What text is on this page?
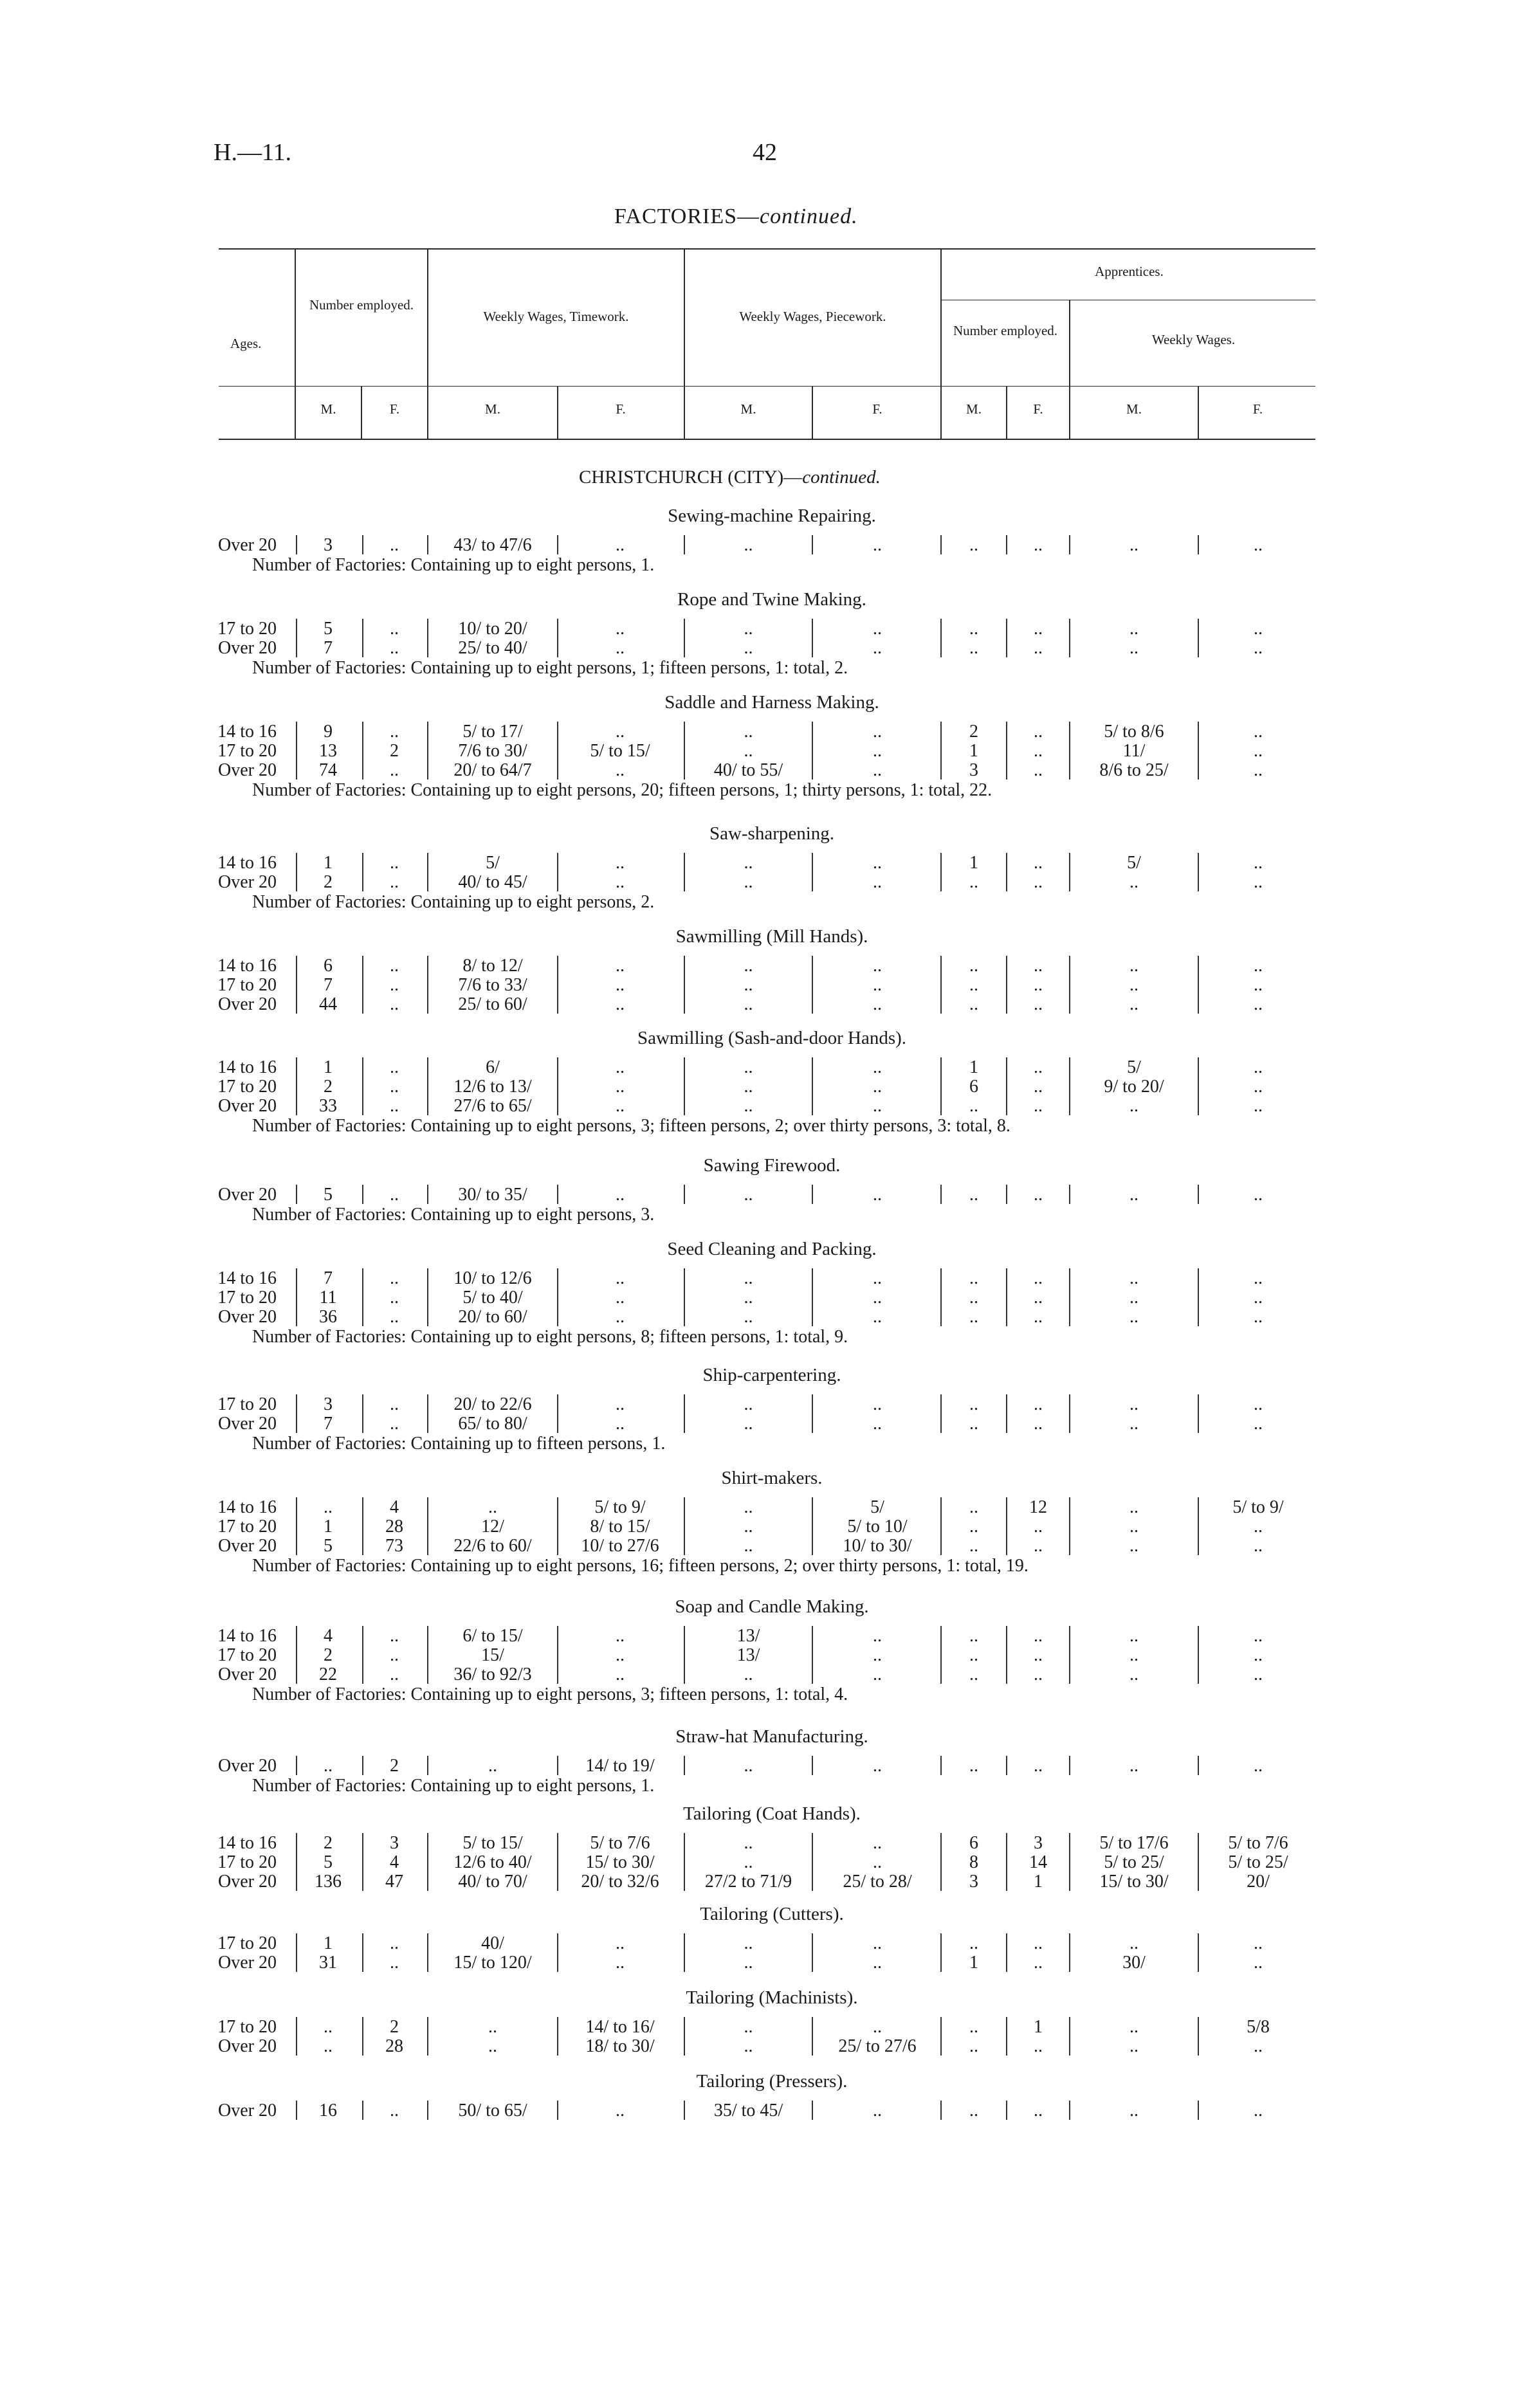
H.—11.	42
FACTORIES—continued.
Ages.
Number employed.
Weekly Wages, Timework.	Weekly Wages, Piecework.
Apprentices.
Number employed.
Weekly Wages.
M.	F.	M.	F.	M.	F.	M.	F.	M.	F.
CHRISTCHURCH (CITY)—continued.
Sewing-machine Repairing.
Over 20	3	..	43/ to 47/6	..	..	..	..	..	..	..
Number of Factories: Containing up to eight persons, 1.
Rope and Twine Making.
17 to 20	5	..	10/ to 20/	..	..	..	..	..	..	..
Over 20	7	..	25/ to 40/	..	..	..	..	..	..	..
Number of Factories: Containing up to eight persons, 1; fifteen persons, 1: total, 2.
Saddle and Harness Making.
14 to 16	9	..	5/ to 17/	..	..	..	2	..	5/ to 8/6	..
17 to 20	13	2	7/6 to 30/	5/ to 15/	..	..	1	..	11/	..
Over 20	74	..	20/ to 64/7	..	40/ to 55/	..	3	..	8/6 to 25/	..
Number of Factories: Containing up to eight persons, 20; fifteen persons, 1; thirty persons, 1: total, 22.
Saw-sharpening.
14 to 16	1	..	5/	..	..	..	1	..	5/	..
Over 20	2	..	40/ to 45/	..	..	..	..	..	..	..
Number of Factories: Containing up to eight persons, 2.
Sawmilling (Mill Hands).
14 to 16	6	..	8/ to 12/	..	..	..	..	..	..	..
17 to 20	7	..	7/6 to 33/	..	..	..	..	..	..	..
Over 20	44	..	25/ to 60/	..	..	..	..	..	..	..
Sawmilling (Sash-and-door Hands).
14 to 16	1	..	6/	..	..	..	1	..	5/	..
17 to 20	2	..	12/6 to 13/	..	..	..	6	..	9/ to 20/	..
Over 20	33	..	27/6 to 65/	..	..	..	..	..	..	..
Number of Factories: Containing up to eight persons, 3; fifteen persons, 2; over thirty persons, 3: total, 8.
Sawing Firewood.
Over 20	5	..	30/ to 35/	..	..	..	..	..	..	..
Number of Factories: Containing up to eight persons, 3.
Seed Cleaning and Packing.
14 to 16	7	..	10/ to 12/6	..	..	..	..	..	..	..
17 to 20	11	..	5/ to 40/	..	..	..	..	..	..	..
Over 20	36	..	20/ to 60/	..	..	..	..	..	..	..
Number of Factories: Containing up to eight persons, 8; fifteen persons, 1: total, 9.
Ship-carpentering.
17 to 20	3	..	20/ to 22/6	..	..	..	..	..	..	..
Over 20	7	..	65/ to 80/	..	..	..	..	..	..	..
Number of Factories: Containing up to fifteen persons, 1.
Shirt-makers.
14 to 16	..	4	..	5/ to 9/	..	5/	..	12	..	5/ to 9/
17 to 20	1	28	12/	8/ to 15/	..	5/ to 10/	..	..	..	..
Over 20	5	73	22/6 to 60/	10/ to 27/6	..	10/ to 30/	..	..	..	..
Number of Factories: Containing up to eight persons, 16; fifteen persons, 2; over thirty persons, 1: total, 19.
Soap and Candle Making.
14 to 16	4	..	6/ to 15/	..	13/	..	..	..	..	..
17 to 20	2	..	15/	..	13/	..	..	..	..	..
Over 20	22	..	36/ to 92/3	..	..	..	..	..	..	..
Number of Factories: Containing up to eight persons, 3; fifteen persons, 1: total, 4.
Straw-hat Manufacturing.
Over 20	..	2	..	14/ to 19/	..	..	..	..	..	..
Number of Factories: Containing up to eight persons, 1.
Tailoring (Coat Hands).
14 to 16	2	3	5/ to 15/	5/ to 7/6	..	..	6	3	5/ to 17/6	5/ to 7/6
17 to 20	5	4	12/6 to 40/	15/ to 30/	..	..	8	14	5/ to 25/	5/ to 25/
Over 20	136	47	40/ to 70/	20/ to 32/6	27/2 to 71/9	25/ to 28/	3	1	15/ to 30/	20/
Tailoring (Cutters).
17 to 20	1	..	40/	..	..	..	..	..	..	..
Over 20	31	..	15/ to 120/	..	..	..	1	..	30/	..
Tailoring (Machinists).
17 to 20	..	2	..	14/ to 16/	..	..	..	1	..	5/8
Over 20	..	28	..	18/ to 30/	..	25/ to 27/6	..	..	..	..
Tailoring (Pressers).
Over 20	16	..	50/ to 65/	..	35/ to 45/	..	..	..	..	..
